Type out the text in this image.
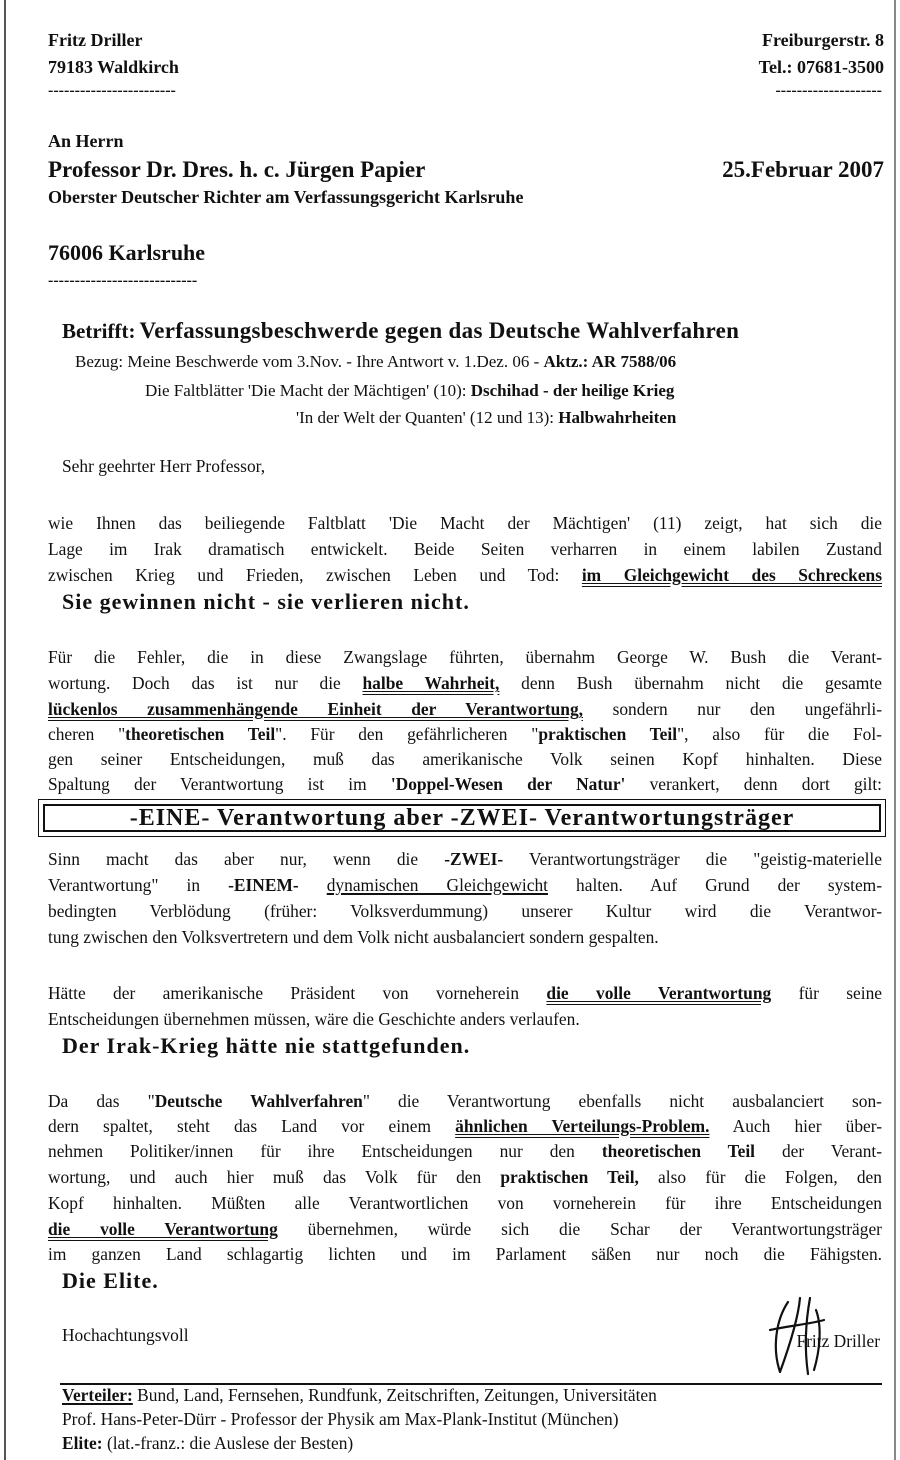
Fritz Driller
79183 Waldkirch
------------------------
Freiburgerstr. 8
Tel.: 07681-3500
--------------------
An Herrn
Professor Dr. Dres. h. c. Jürgen Papier	25.Februar 2007
Oberster Deutscher Richter am Verfassungsgericht Karlsruhe
76006 Karlsruhe
----------------------------
Betrifft: Verfassungsbeschwerde gegen das Deutsche Wahlverfahren
Bezug: Meine Beschwerde vom 3.Nov. - Ihre Antwort v. 1.Dez. 06 - Aktz.: AR 7588/06
Die Faltblätter 'Die Macht der Mächtigen' (10): Dschihad - der heilige Krieg
'In der Welt der Quanten' (12 und 13): Halbwahrheiten
Sehr geehrter Herr Professor,
wie Ihnen das beiliegende Faltblatt 'Die Macht der Mächtigen' (11) zeigt, hat sich die
Lage im Irak dramatisch entwickelt. Beide Seiten verharren in einem labilen Zustand
zwischen Krieg und Frieden, zwischen Leben und Tod: im Gleichgewicht des Schreckens
Sie gewinnen nicht - sie verlieren nicht.
Für die Fehler, die in diese Zwangslage führten, übernahm George W. Bush die Verant-
wortung. Doch das ist nur die halbe Wahrheit, denn Bush übernahm nicht die gesamte
lückenlos zusammenhängende Einheit der Verantwortung, sondern nur den ungefährli-
cheren "theoretischen Teil". Für den gefährlicheren "praktischen Teil", also für die Fol-
gen seiner Entscheidungen, muß das amerikanische Volk seinen Kopf hinhalten. Diese
Spaltung der Verantwortung ist im 'Doppel-Wesen der Natur' verankert, denn dort gilt:
-EINE- Verantwortung aber -ZWEI- Verantwortungsträger
Sinn macht das aber nur, wenn die -ZWEI- Verantwortungsträger die "geistig-materielle
Verantwortung" in -EINEM- dynamischen Gleichgewicht halten. Auf Grund der system-
bedingten Verblödung (früher: Volksverdummung) unserer Kultur wird die Verantwor-
tung zwischen den Volksvertretern und dem Volk nicht ausbalanciert sondern gespalten.
Hätte der amerikanische Präsident von vorneherein die volle Verantwortung für seine
Entscheidungen übernehmen müssen, wäre die Geschichte anders verlaufen.
Der Irak-Krieg hätte nie stattgefunden.
Da das "Deutsche Wahlverfahren" die Verantwortung ebenfalls nicht ausbalanciert son-
dern spaltet, steht das Land vor einem ähnlichen Verteilungs-Problem. Auch hier über-
nehmen Politiker/innen für ihre Entscheidungen nur den theoretischen Teil der Verant-
wortung, und auch hier muß das Volk für den praktischen Teil, also für die Folgen, den
Kopf hinhalten. Müßten alle Verantwortlichen von vorneherein für ihre Entscheidungen
die volle Verantwortung übernehmen, würde sich die Schar der Verantwortungsträger
im ganzen Land schlagartig lichten und im Parlament säßen nur noch die Fähigsten.
Die Elite.
Hochachtungsvoll	Fritz Driller
Verteiler: Bund, Land, Fernsehen, Rundfunk, Zeitschriften, Zeitungen, Universitäten
Prof. Hans-Peter-Dürr - Professor der Physik am Max-Plank-Institut (München)
Elite: (lat.-franz.: die Auslese der Besten)
